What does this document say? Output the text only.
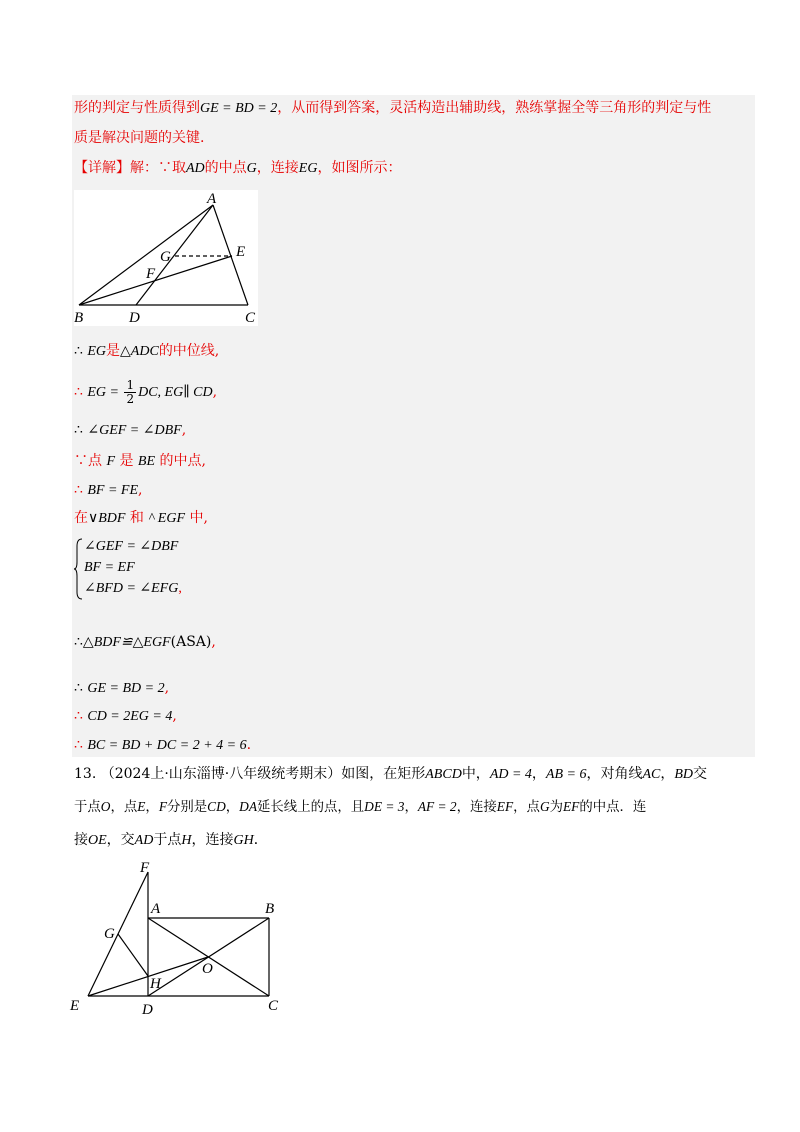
形的判定与性质得到GE = BD = 2，从而得到答案，灵活构造出辅助线，熟练掌握全等三角形的判定与性
质是解决问题的关键.
【详解】解：∵取AD的中点G，连接EG，如图所示：
A
G	E
F
B	D	C
∴ EG是△ADC的中位线,
∴ EG = $\frac{1}{2}$ DC, EG∥ CD,
∴ ∠GEF = ∠DBF,
∵点 F 是 BE 的中点,
∴ BF = FE,
在∨BDF 和 ^ EGF 中,
∠GEF = ∠DBF
BF = EF
∠BFD = ∠EFG,
∴△BDF≌△EGF(ASA),
∴ GE = BD = 2,
∴ CD = 2EG = 4,
∴ BC = BD + DC = 2 + 4 = 6.
13. （2024上·山东淄博·八年级统考期末）如图，在矩形ABCD中，AD = 4，AB = 6，对角线AC，BD交
于点O，点E，F分别是CD，DA延长线上的点，且DE = 3，AF = 2，连接EF，点G为EF的中点．连
接OE，交AD于点H，连接GH．
F
A	B
G
O
H
E	D	C
